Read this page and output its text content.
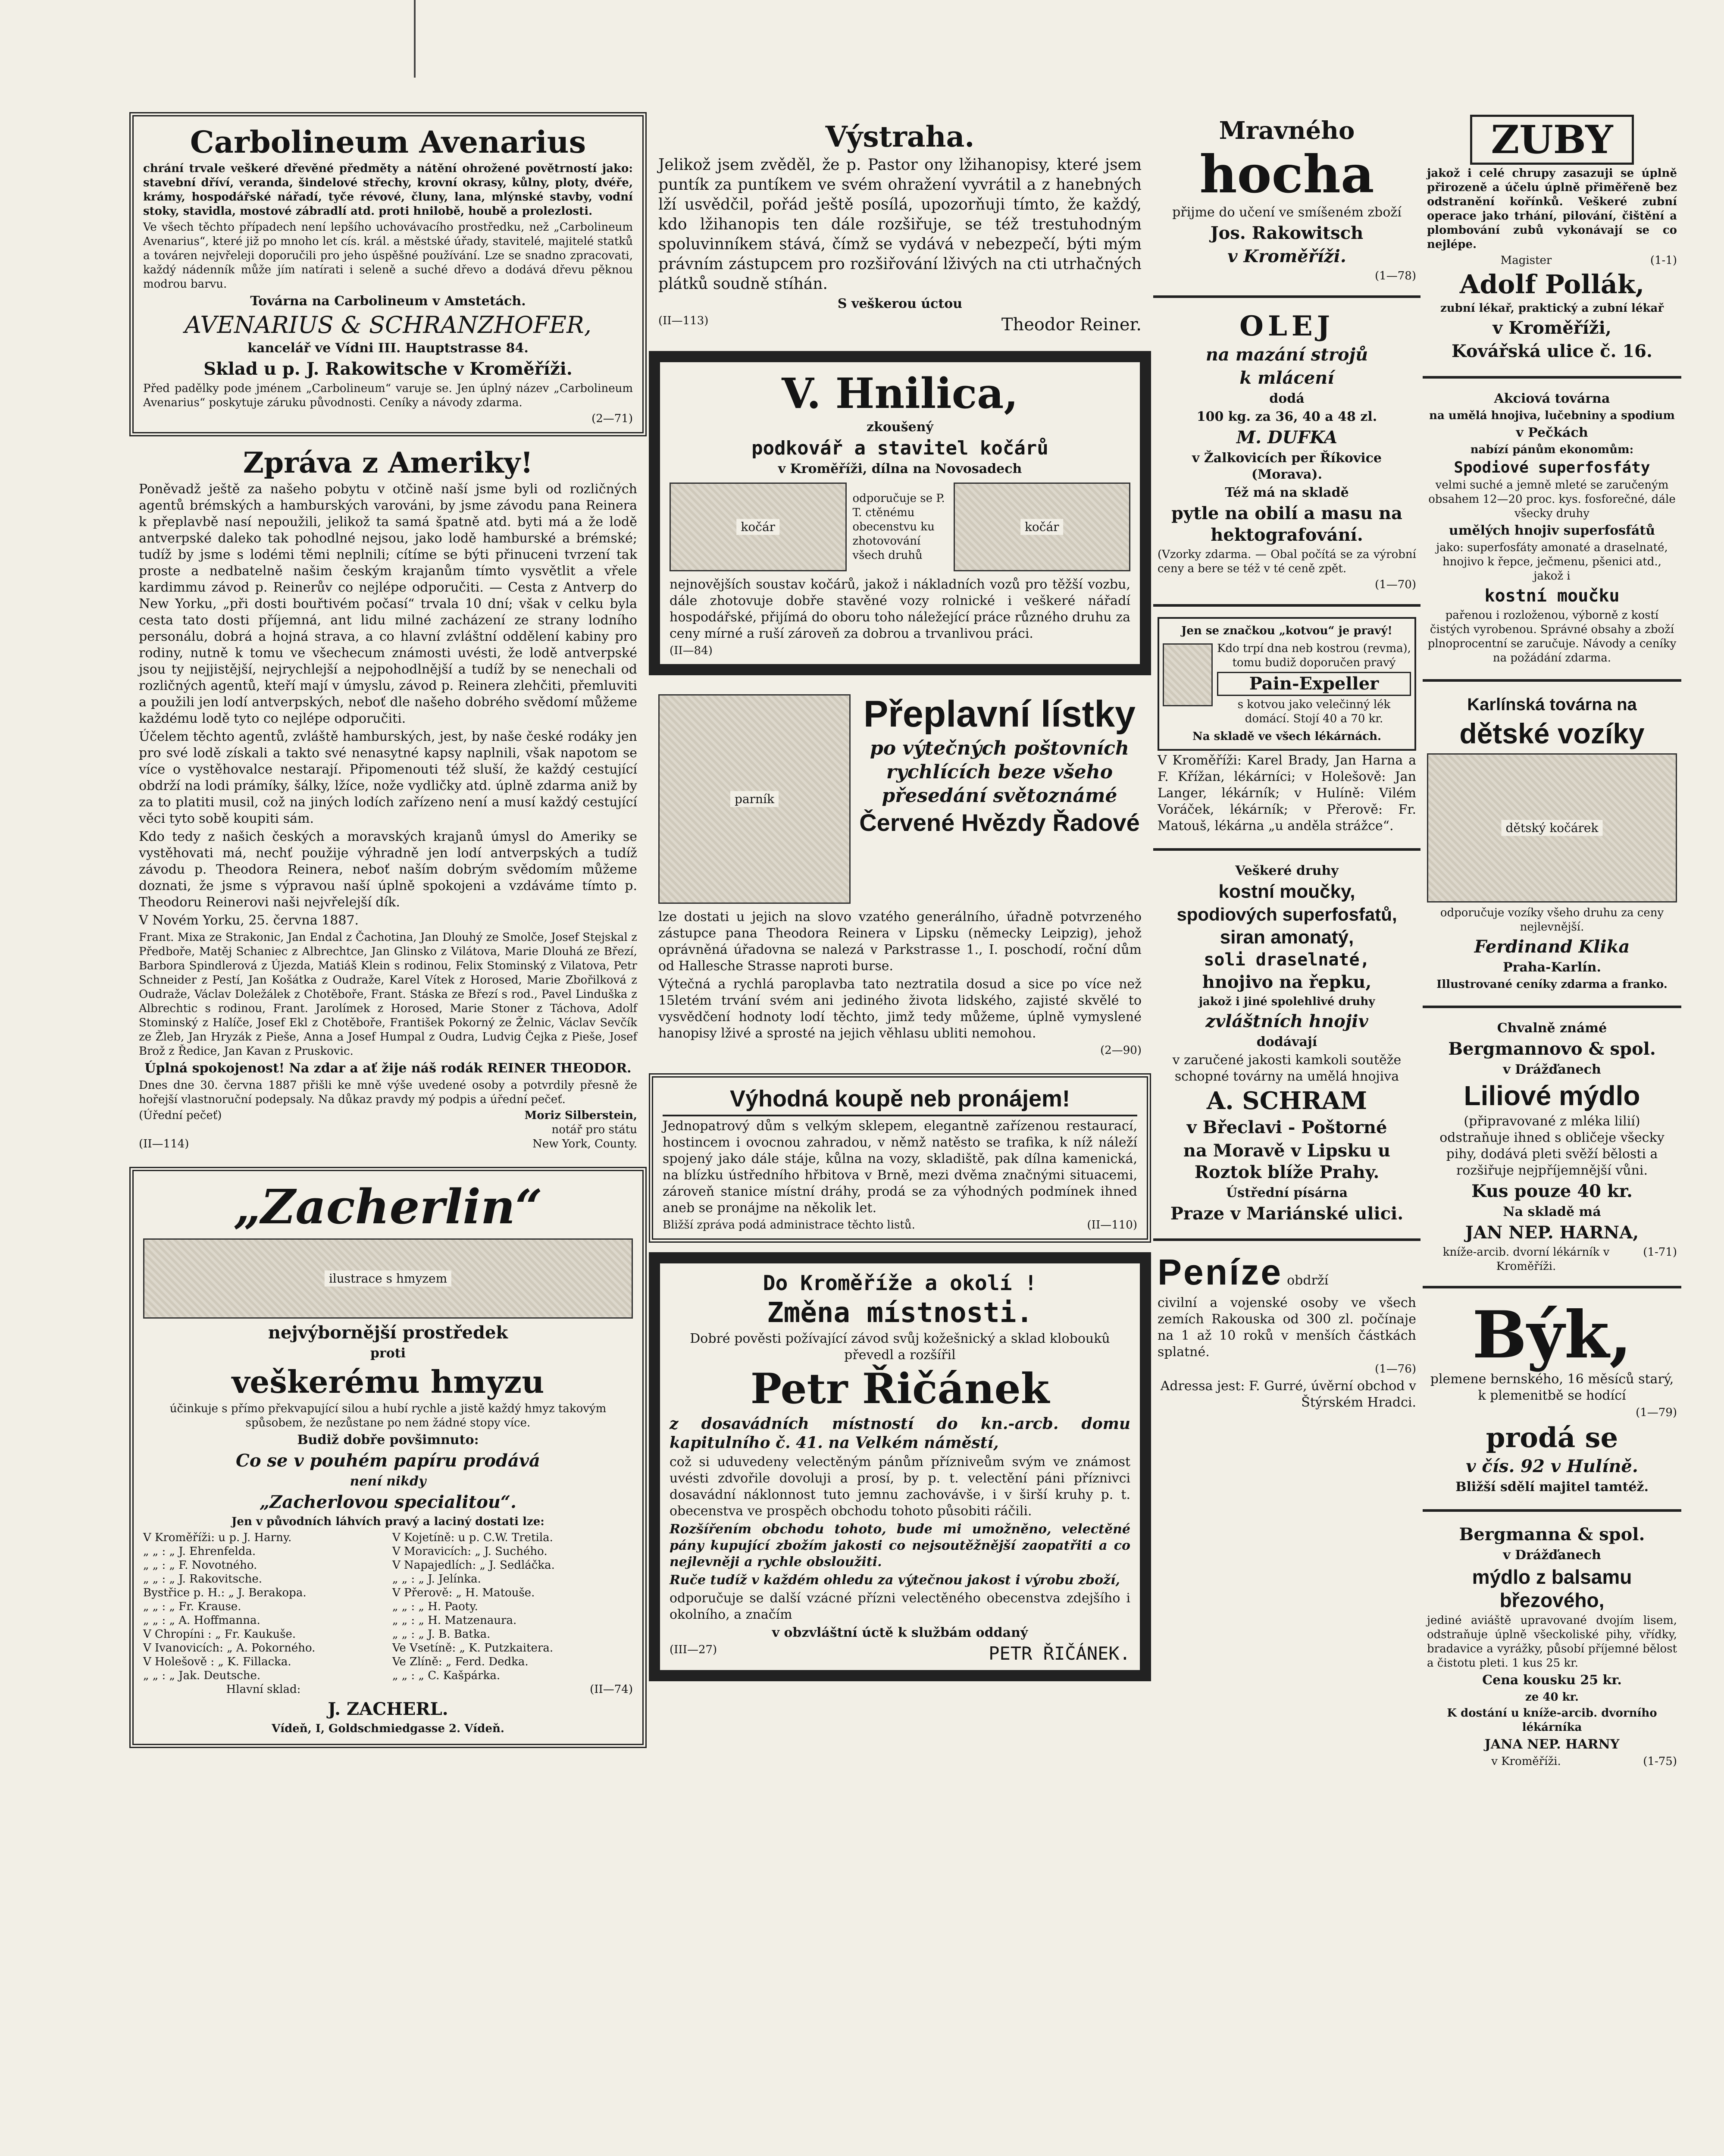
Carbolineum Avenarius

chrání trvale veškeré dřevěné předměty a nátění ohrožené povětrností jako: stavební dříví, veranda, šindelové střechy, krovní okrasy, kůlny, ploty, dvéře, krámy, hospodářské nářadí, tyče révové, čluny, lana, mlýnské stavby, vodní stoky, stavidla, mostové zábradlí atd. proti hnilobě, houbě a prolezlosti.

Ve všech těchto případech není lepšího uchovávacího prostředku, než „Carbolineum Avenarius“, které již po mnoho let cís. král. a městské úřady, stavitelé, majitelé statků a továren nejvřeleji doporučili pro jeho úspěšné používání. Lze se snadno zpracovati, každý nádenník může jím natírati i seleně a suché dřevo a dodává dřevu pěknou modrou barvu.

Továrna na Carbolineum v Amstetách.
AVENARIUS & SCHRANZHOFER,
kancelář ve Vídni III. Hauptstrasse 84.
Sklad u p. J. Rakowitsche v Kroměříži.

Před padělky pode jménem „Carbolineum“ varuje se. Jen úplný název „Carbolineum Avenarius“ poskytuje záruku původnosti. Ceníky a návody zdarma.

(2—71)
Zpráva z Ameriky!

Poněvadž ještě za našeho pobytu v otčině naší jsme byli od rozličných agentů brémských a hamburských varováni, by jsme závodu pana Reinera k přeplavbě nasí nepoužili, jelikož ta samá špatně atd. byti má a že lodě antverpské daleko tak pohodlné nejsou, jako lodě hamburské a brémské; tudíž by jsme s lodémi těmi neplnili; cítíme se býti přinuceni tvrzení tak proste a nedbatelně našim českým krajanům tímto vysvětlit a vřele kardimmu závod p. Reinerův co nejlépe odporučiti. — Cesta z Antverp do New Yorku, „při dosti bouřtivém počasí“ trvala 10 dní; však v celku byla cesta tato dosti příjemná, ant lidu milné zacházení ze strany lodního personálu, dobrá a hojná strava, a co hlavní zvláštní oddělení kabiny pro rodiny, nutně k tomu ve všechecum známosti uvésti, že lodě antverpské jsou ty nejjistější, nejrychlejší a nejpohodlnější a tudíž by se nenechali od rozličných agentů, kteří mají v úmyslu, závod p. Reinera zlehčiti, přemluviti a použili jen lodí antverpských, neboť dle našeho dobrého svědomí můžeme každému lodě tyto co nejlépe odporučiti.

Účelem těchto agentů, zvláště hamburských, jest, by naše české rodáky jen pro své lodě získali a takto své nenasytné kapsy naplnili, však napotom se více o vystěhovalce nestarají. Připomenouti též sluší, že každý cestující obdrží na lodi prámíky, šálky, lžíce, nože vydličky atd. úplně zdarma aniž by za to platiti musil, což na jiných lodích zařízeno není a musí každý cestující věci tyto sobě koupiti sám.

Kdo tedy z našich českých a moravských krajanů úmysl do Ameriky se vystěhovati má, nechť použije výhradně jen lodí antverpských a tudíž závodu p. Theodora Reinera, neboť naším dobrým svědomím můžeme doznati, že jsme s výpravou naší úplně spokojeni a vzdáváme tímto p. Theodoru Reinerovi naši nejvřelejší dík.

V Novém Yorku, 25. června 1887.

Frant. Mixa ze Strakonic, Jan Endal z Čachotina, Jan Dlouhý ze Smolče, Josef Stejskal z Předboře, Matěj Schaniec z Albrechtce, Jan Glinsko z Vilátova, Marie Dlouhá ze Březí, Barbora Spindlerová z Újezda, Matiáš Klein s rodinou, Felix Stominský z Vilatova, Petr Schneider z Pestí, Jan Košátka z Oudraže, Karel Vítek z Horosed, Marie Zbořilková z Oudraže, Václav Doležálek z Chotěboře, Frant. Stáska ze Březí s rod., Pavel Linduška z Albrechtic s rodinou, Frant. Jarolímek z Horosed, Marie Stoner z Táchova, Adolf Stominský z Halíče, Josef Ekl z Chotěboře, František Pokorný ze Želnic, Václav Sevčík ze Žleb, Jan Hryzák z Pieše, Anna a Josef Humpal z Oudra, Ludvig Čejka z Pieše, Josef Brož z Ředice, Jan Kavan z Pruskovic.

Úplná spokojenost! Na zdar a ať žije náš rodák REINER THEODOR.

Dnes dne 30. června 1887 přišli ke mně výše uvedené osoby a potvrdily přesně že hořejší vlastnoruční podepsaly. Na důkaz pravdy mý podpis a úřední pečeť.

(Úřední pečeť)	Moriz Silberstein,
notář pro státu
(II—114)	New York, County.
„Zacherlin“
ilustrace s hmyzem
nejvýbornější prostředek
proti
veškerému hmyzu

účinkuje s přímo překvapující silou a hubí rychle a jistě každý hmyz takovým spůsobem, že nezůstane po nem žádné stopy více.

Budiž dobře povšimnuto:
Co se v pouhém papíru prodává
není nikdy
„Zacherlovou specialitou“.
Jen v původních láhvích pravý a laciný dostati lze:
V Kroměříži: u p. J. Harny.
„ „ : „ J. Ehrenfelda.
„ „ : „ F. Novotného.
„ „ : „ J. Rakovitsche.
Bystřice p. H.: „ J. Berakopa.
„ „ : „ Fr. Krause.
„ „ : „ A. Hoffmanna.
V Chropíni : „ Fr. Kaukuše.
V Ivanovicích: „ A. Pokorného.
V Holešově : „ K. Fillacka.
„ „ : „ Jak. Deutsche.
V Kojetíně: u p. C.W. Tretila.
V Moravicích: „ J. Suchého.
V Napajedlích: „ J. Sedláčka.
„ „ : „ J. Jelínka.
V Přerově: „ H. Matouše.
„ „ : „ H. Paoty.
„ „ : „ H. Matzenaura.
„ „ : „ J. B. Batka.
Ve Vsetíně: „ K. Putzkaitera.
Ve Zlíně: „ Ferd. Dedka.
„ „ : „ C. Kašpárka.
Hlavní sklad:	(II—74)
J. ZACHERL.
Vídeň, I, Goldschmiedgasse 2. Vídeň.
Výstraha.

Jelikož jsem zvěděl, že p. Pastor ony lžihanopisy, které jsem puntík za puntíkem ve svém ohražení vyvrátil a z hanebných lží usvědčil, pořád ještě posílá, upozorňuji tímto, že každý, kdo lžihanopis ten dále rozšiřuje, se též trestuhodným spoluvinníkem stává, čímž se vydává v nebezpečí, býti mým právním zástupcem pro rozšiřování lživých na cti utrhačných plátků soudně stíhán.

S veškerou úctou
(II—113)	Theodor Reiner.
V. Hnilica,
zkoušený
podkovář a stavitel kočárů
v Kroměříži, dílna na Novosadech
kočár

odporučuje se P. T. ctěnému obecenstvu ku zhotovování všech druhů

kočár

nejnovějších soustav kočárů, jakož i nákladních vozů pro těžší vozbu, dále zhotovuje dobře stavěné vozy rolnické i veškeré nářadí hospodářské, přijímá do oboru toho náležející práce různého druhu za ceny mírné a ruší zároveň za dobrou a trvanlivou práci.

(II—84)
parník
Přeplavní lístky
po výtečných poštovních
rychlících beze všeho
přesedání světoznámé
Červené Hvězdy Řadové

lze dostati u jejich na slovo vzatého generálního, úřadně potvrzeného zástupce pana Theodora Reinera v Lipsku (německy Leipzig), jehož oprávněná úřadovna se nalezá v Parkstrasse 1., I. poschodí, roční dům od Hallesche Strasse naproti burse.

Výtečná a rychlá paroplavba tato neztratila dosud a sice po více než 15letém trvání svém ani jediného života lidského, zajisté skvělé to vysvědčení hodnoty lodí těchto, jimž tedy můžeme, úplně vymyslené hanopisy lživé a sprosté na jejich věhlasu ubliti nemohou.

(2—90)
Výhodná koupě neb pronájem!

Jednopatrový dům s velkým sklepem, elegantně zařízenou restaurací, hostincem i ovocnou zahradou, v němž natěsto se trafika, k níž náleží spojený jako dále stáje, kůlna na vozy, skladiště, pak dílna kamenická, na blízku ústředního hřbitova v Brně, mezi dvěma značnými situacemi, zároveň stanice místní dráhy, prodá se za výhodných podmínek ihned aneb se pronájme na několik let.

Bližší zpráva podá administrace těchto listů.	(II—110)
Do Kroměříže a okolí !
Změna místnosti.

Dobré pověsti požívající závod svůj kožešnický a sklad kloboukû převedl a rozšířil

Petr Řičánek

z dosavádních místností do kn.-arcb. domu kapitulního č. 41. na Velkém náměstí,

což si uduvedeny velectěným pánům přízniveům svým ve známost uvésti zdvořile dovoluji a prosí, by p. t. velectění páni příznivci dosavádní náklonnost tuto jemnu zachovávše, i v širší kruhy p. t. obecenstva ve prospěch obchodu tohoto působiti ráčili.

Rozšířením obchodu tohoto, bude mi umožněno, velectěné pány kupující zbožím jakosti co nejsoutěžnější zaopatřiti a co nejlevněji a rychle obsloužiti.

Ruče tudíž v každém ohledu za výtečnou jakost i výrobu zboží,

odporučuje se další vzácné přízni velectěného obecenstva zdejšího i okolního, a značím

v obzvláštní úctě k službám oddaný
(III—27)	PETR ŘIČÁNEK.
Mravného
hocha

přijme do učení ve smíšeném zboží

Jos. Rakowitsch
v Kroměříži.
(1—78)
OLEJ
na mazání strojů
k mlácení
dodá
100 kg. za 36, 40 a 48 zl.
M. DUFKA
v Žalkovicích per Říkovice (Morava).
Též má na skladě
pytle na obilí a masu na hektografování.

(Vzorky zdarma. — Obal počítá se za výrobní ceny a bere se též v té ceně zpět.

(1—70)
Jen se značkou „kotvou“ je pravý!

Kdo trpí dna neb kostrou (revma), tomu budiž doporučen pravý

Pain-Expeller

s kotvou jako velečinný lék domácí. Stojí 40 a 70 kr.

Na skladě ve všech lékárnách.

V Kroměříži: Karel Brady, Jan Harna a F. Křížan, lékárníci; v Holešově: Jan Langer, lékárník; v Hulíně: Vilém Voráček, lékárník; v Přerově: Fr. Matouš, lékárna „u anděla strážce“.

Veškeré druhy
kostní moučky,
spodiových superfosfatů,
siran amonatý,
soli draselnaté,
hnojivo na řepku,
jakož i jiné spolehlivé druhy
zvláštních hnojiv
dodávají

v zaručené jakosti kamkoli soutěže schopné továrny na umělá hnojiva

A. SCHRAM
v Břeclavi - Poštorné
na Moravě v Lipsku u Roztok blíže Prahy.
Ústřední písárna
Praze v Mariánské ulici.
Peníze obdrží

civilní a vojenské osoby ve všech zemích Rakouska od 300 zl. počínaje na 1 až 10 roků v menších částkách splatné.

(1—76)

Adressa jest: F. Gurré, úvěrní obchod v Štýrském Hradci.

ZUBY

jakož i celé chrupy zasazuji se úplně přirozeně a účelu úplně přiměřeně bez odstranění kořínků. Veškeré zubní operace jako trhání, pilování, čištění a plombování zubů vykonávají se co nejlépe.

Magister	(1-1)
Adolf Pollák,
zubní lékař, praktický a zubní lékař
v Kroměříži,
Kovářská ulice č. 16.
Akciová továrna
na umělá hnojiva, lučebniny a spodium
v Pečkách
nabízí pánům ekonomům:
Spodiové superfosfáty

velmi suché a jemně mleté se zaručeným obsahem 12—20 proc. kys. fosforečné, dále všecky druhy

umělých hnojiv superfosfátů

jako: superfosfáty amonaté a draselnaté, hnojivo k řepce, ječmenu, pšenici atd., jakož i

kostní moučku

pařenou i rozloženou, výborně z kostí čistých vyrobenou. Správné obsahy a zboží plnoprocentní se zaručuje. Návody a ceníky na požádání zdarma.

Karlínská továrna na
dětské vozíky
dětský kočárek

odporučuje vozíky všeho druhu za ceny nejlevnější.

Ferdinand Klika
Praha-Karlín.
Illustrované ceníky zdarma a franko.
Chvalně známé
Bergmannovo & spol.
v Drážďanech
Liliové mýdlo

(připravované z mléka lilií) odstraňuje ihned s obličeje všecky pihy, dodává pleti svěží bělosti a rozšiřuje nejpříjemnější vůni.

Kus pouze 40 kr.
Na skladě má
JAN NEP. HARNA,
kníže-arcib. dvorní lékárník v Kroměříži.
(1-71)
Býk,

plemene bernského, 16 měsíců starý, k plemenitbě se hodící

(1—79)
prodá se
v čís. 92 v Hulíně.
Bližší sdělí majitel tamtéž.
Bergmanna & spol.
v Drážďanech
mýdlo z balsamu březového,

jediné aviáště upravované dvojím lisem, odstraňuje úplně všeckoliské pihy, vřídky, bradavice a vyrážky, působí příjemné bělost a čistotu pleti. 1 kus 25 kr.

Cena kousku 25 kr.
ze 40 kr.
K dostání u kníže-arcib. dvorního lékárníka
JANA NEP. HARNY
v Kroměříži.	(1-75)
